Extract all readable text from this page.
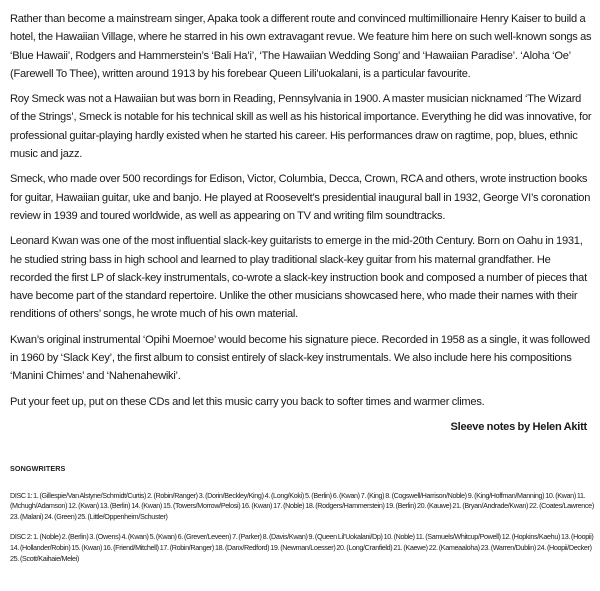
Rather than become a mainstream singer, Apaka took a different route and convinced multimillionaire Henry Kaiser to build a hotel, the Hawaiian Village, where he starred in his own extravagant revue. We feature him here on such well-known songs as ‘Blue Hawaii’, Rodgers and Hammerstein’s ‘Bali Ha’i’, ‘The Hawaiian Wedding Song’ and ‘Hawaiian Paradise’. ‘Aloha ‘Oe’ (Farewell To Thee), written around 1913 by his forebear Queen Lili’uokalani, is a particular favourite.

Roy Smeck was not a Hawaiian but was born in Reading, Pennsylvania in 1900. A master musician nicknamed ‘The Wizard of the Strings’, Smeck is notable for his technical skill as well as his historical importance. Everything he did was innovative, for professional guitar-playing hardly existed when he started his career. His performances draw on ragtime, pop, blues, ethnic music and jazz.

Smeck, who made over 500 recordings for Edison, Victor, Columbia, Decca, Crown, RCA and others, wrote instruction books for guitar, Hawaiian guitar, uke and banjo. He played at Roosevelt’s presidential inaugural ball in 1932, George VI’s coronation review in 1939 and toured worldwide, as well as appearing on TV and writing film soundtracks.

Leonard Kwan was one of the most influential slack-key guitarists to emerge in the mid-20th Century. Born on Oahu in 1931, he studied string bass in high school and learned to play traditional slack-key guitar from his maternal grandfather. He recorded the first LP of slack-key instrumentals, co-wrote a slack-key instruction book and composed a number of pieces that have become part of the standard repertoire. Unlike the other musicians showcased here, who made their names with their renditions of others’ songs, he wrote much of his own material.

Kwan’s original instrumental ‘Opihi Moemoe’ would become his signature piece. Recorded in 1958 as a single, it was followed in 1960 by ‘Slack Key’, the first album to consist entirely of slack-key instrumentals. We also include here his compositions ‘Manini Chimes’ and ‘Nahenahewiki’.

Put your feet up, put on these CDs and let this music carry you back to softer times and warmer climes.

Sleeve notes by Helen Akitt

SONGWRITERS

DISC 1: 1. (Gillespie/Van Alstyne/Schmidt/Curtis) 2. (Robin/Ranger) 3. (Dorin/Beckley/King) 4. (Long/Koki) 5. (Berlin) 6. (Kwan) 7. (King) 8. (Cogswell/Harrison/Noble) 9. (King/Hoffman/Manning) 10. (Kwan) 11. (Mchugh/Adamson) 12. (Kwan) 13. (Berlin) 14. (Kwan) 15. (Towers/Morrow/Pelosi) 16. (Kwan) 17. (Noble) 18. (Rodgers/Hammerstein) 19. (Berlin) 20. (Kauwe) 21. (Bryan/Andrade/Kwan) 22. (Coates/Lawrence) 23. (Malani) 24. (Green) 25. (Little/Oppenheim/Schuster)

DISC 2: 1. (Noble) 2. (Berlin) 3. (Owens) 4. (Kwan) 5. (Kwan) 6. (Grever/Leveen) 7. (Parker) 8. (Davis/Kwan) 9. (Queen Lil’Uokalani/Dp) 10. (Noble) 11. (Samuels/Whitcup/Powell) 12. (Hopkins/Kaehu) 13. (Hoopii) 14. (Hollander/Robin) 15. (Kwan) 16. (Friend/Mitchell) 17. (Robin/Ranger) 18. (Danx/Redford) 19. (Newman/Loesser) 20. (Long/Cranfield) 21. (Kaewe) 22. (Kameaaloha) 23. (Warren/Dublin) 24. (Hoopii/Decker) 25. (Scott/Kaihaie/Melei)
